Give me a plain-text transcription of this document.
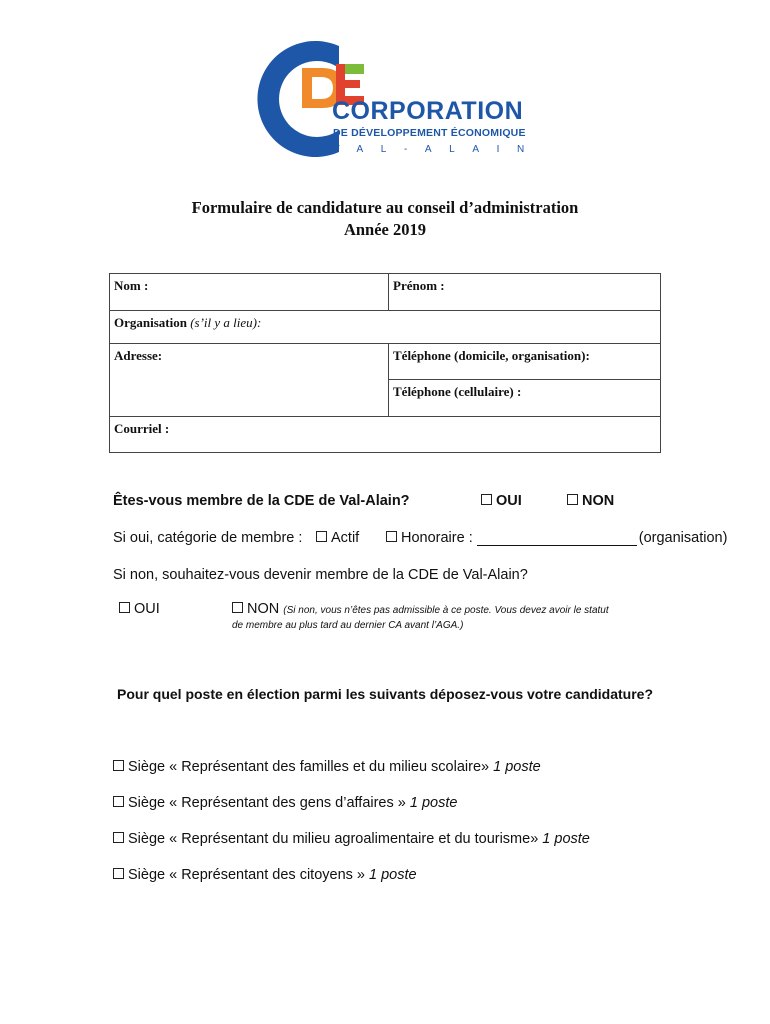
CORPORATION
DE DÉVELOPPEMENT ÉCONOMIQUE
VAL-ALAIN
Formulaire de candidature au conseil d’administration
Année 2019
Nom :	Prénom :
Organisation (s’il y a lieu):	
Adresse:	Téléphone (domicile, organisation):
	Téléphone (cellulaire) :
Courriel :	
Êtes-vous membre de la CDE de Val-Alain?	OUI	NON
Si oui, catégorie de membre :	Actif	Honoraire :	(organisation)
Si non, souhaitez-vous devenir membre de la CDE de Val-Alain?
OUI	NON (Si non, vous n’êtes pas admissible à ce poste. Vous devez avoir le statut
de membre au plus tard au dernier CA avant l’AGA.)
Pour quel poste en élection parmi les suivants déposez-vous votre candidature?
Siège « Représentant des familles et du milieu scolaire» 1 poste
Siège « Représentant des gens d’affaires » 1 poste
Siège « Représentant du milieu agroalimentaire et du tourisme» 1 poste
Siège « Représentant des citoyens » 1 poste
